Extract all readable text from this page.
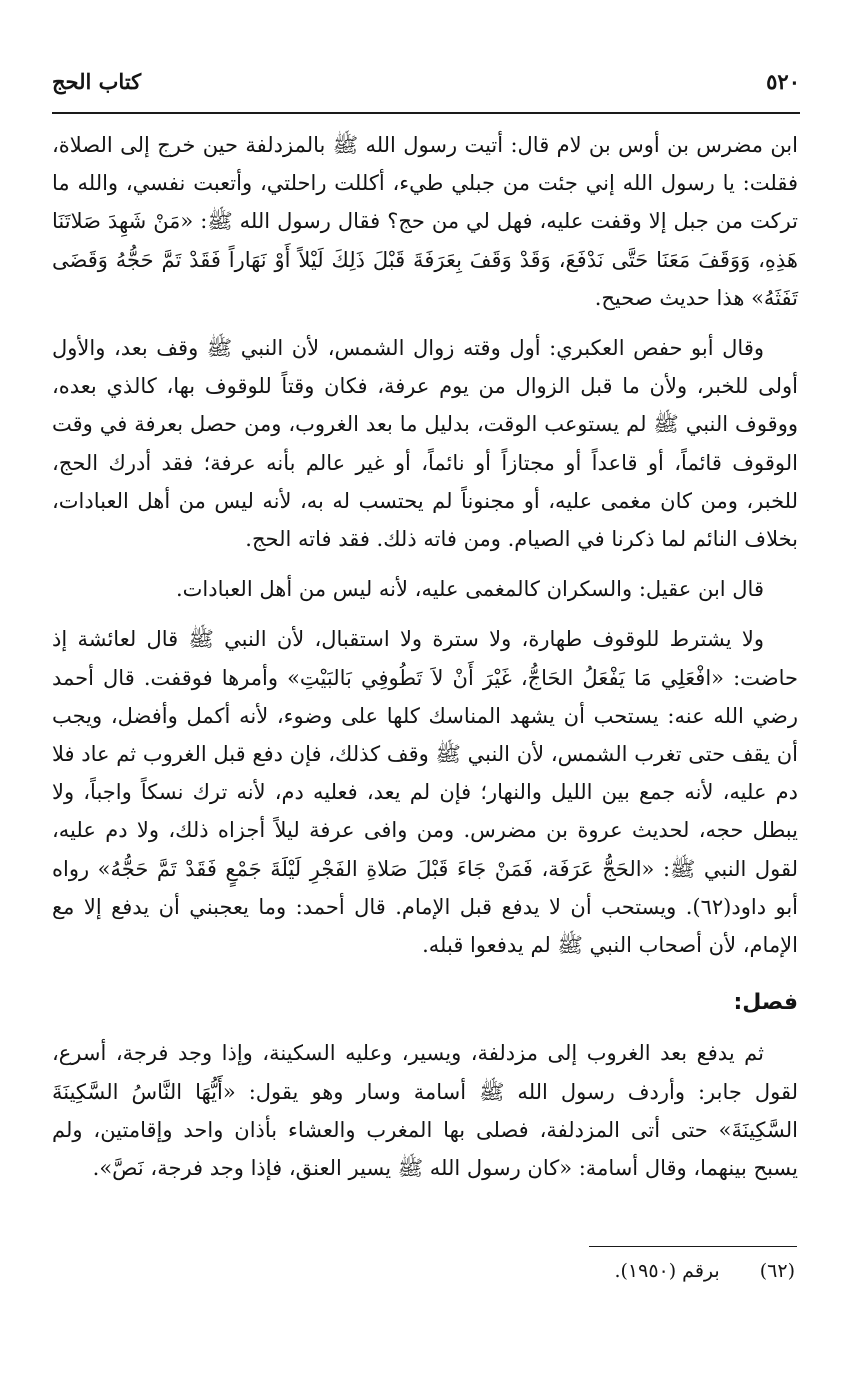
٥٢٠
كتاب الحج

ابن مضرس بن أوس بن لام قال: أتيت رسول الله ﷺ بالمزدلفة حين خرج إلى الصلاة، فقلت: يا رسول الله إني جئت من جبلي طيء، أكللت راحلتي، وأتعبت نفسي، والله ما تركت من جبل إلا وقفت عليه، فهل لي من حج؟ فقال رسول الله ﷺ: «مَنْ شَهِدَ صَلاتَنَا هَذِهِ، وَوَقَفَ مَعَنَا حَتَّى نَدْفَعَ، وَقَدْ وَقَفَ بِعَرَفَةَ قَبْلَ ذَلِكَ لَيْلاً أَوْ نَهَاراً فَقَدْ تَمَّ حَجُّهُ وَقَضَى تَفَثَهُ» هذا حديث صحيح.

وقال أبو حفص العكبري: أول وقته زوال الشمس، لأن النبي ﷺ وقف بعد، والأول أولى للخبر، ولأن ما قبل الزوال من يوم عرفة، فكان وقتاً للوقوف بها، كالذي بعده، ووقوف النبي ﷺ لم يستوعب الوقت، بدليل ما بعد الغروب، ومن حصل بعرفة في وقت الوقوف قائماً، أو قاعداً أو مجتازاً أو نائماً، أو غير عالم بأنه عرفة؛ فقد أدرك الحج، للخبر، ومن كان مغمى عليه، أو مجنوناً لم يحتسب له به، لأنه ليس من أهل العبادات، بخلاف النائم لما ذكرنا في الصيام. ومن فاته ذلك. فقد فاته الحج.

قال ابن عقيل: والسكران كالمغمى عليه، لأنه ليس من أهل العبادات.

ولا يشترط للوقوف طهارة، ولا سترة ولا استقبال، لأن النبي ﷺ قال لعائشة إذ حاضت: «افْعَلِي مَا يَفْعَلُ الحَاجُّ، غَيْرَ أَنْ لاَ تَطُوفِي بَالبَيْتِ» وأمرها فوقفت. قال أحمد رضي الله عنه: يستحب أن يشهد المناسك كلها على وضوء، لأنه أكمل وأفضل، ويجب أن يقف حتى تغرب الشمس، لأن النبي ﷺ وقف كذلك، فإن دفع قبل الغروب ثم عاد فلا دم عليه، لأنه جمع بين الليل والنهار؛ فإن لم يعد، فعليه دم، لأنه ترك نسكاً واجباً، ولا يبطل حجه، لحديث عروة بن مضرس. ومن وافى عرفة ليلاً أجزاه ذلك، ولا دم عليه، لقول النبي ﷺ: «الحَجُّ عَرَفَة، فَمَنْ جَاءَ قَبْلَ صَلاةِ الفَجْرِ لَيْلَةَ جَمْعٍ فَقَدْ تَمَّ حَجُّهُ» رواه أبو داود(٦٢). ويستحب أن لا يدفع قبل الإمام. قال أحمد: وما يعجبني أن يدفع إلا مع الإمام، لأن أصحاب النبي ﷺ لم يدفعوا قبله.

فصل:

ثم يدفع بعد الغروب إلى مزدلفة، ويسير، وعليه السكينة، وإذا وجد فرجة، أسرع، لقول جابر: وأردف رسول الله ﷺ أسامة وسار وهو يقول: «أَيُّهَا النَّاسُ السَّكِينَةَ السَّكِينَةَ» حتى أتى المزدلفة، فصلى بها المغرب والعشاء بأذان واحد وإقامتين، ولم يسبح بينهما، وقال أسامة: «كان رسول الله ﷺ يسير العنق، فإذا وجد فرجة، نَصَّ».

(٦٢) برقم (١٩٥٠).
